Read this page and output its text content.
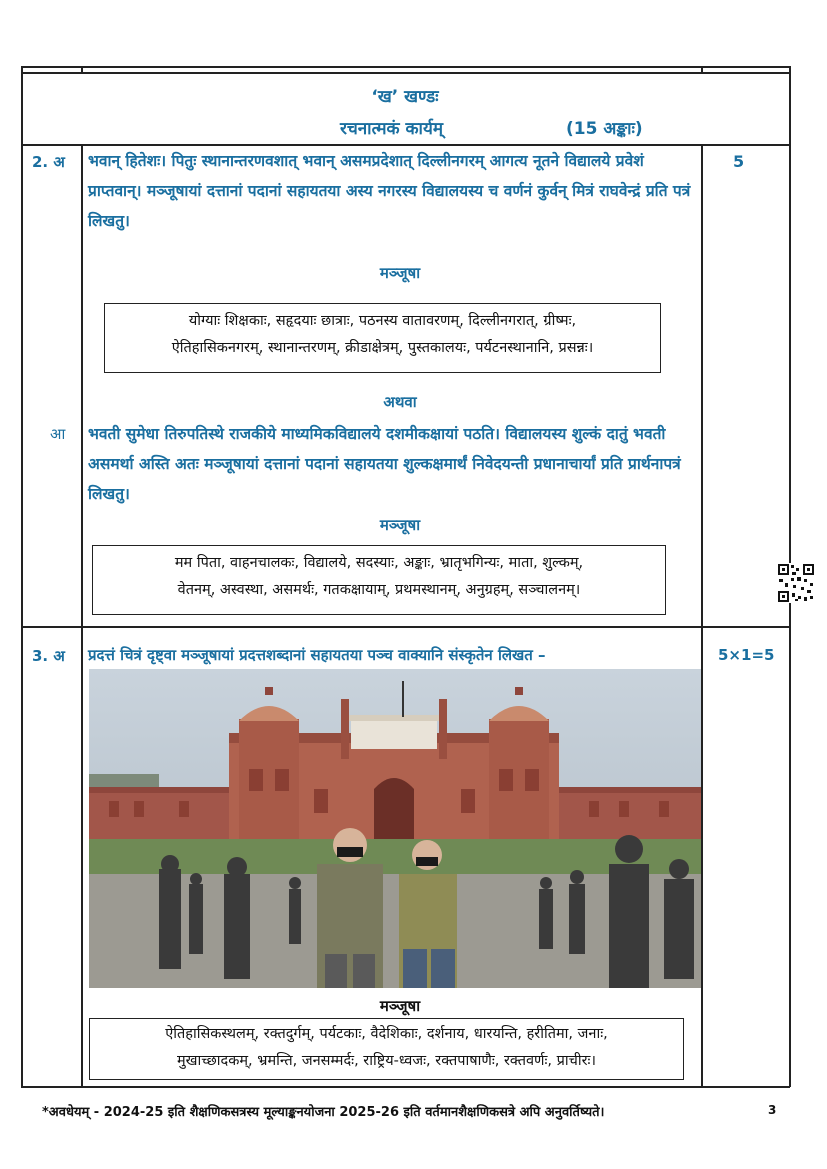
‘ख’ खण्डः
रचनात्मकं कार्यम्	(15 अङ्काः)
2. अ भवान् हितेशः। पितुः स्थानान्तरणवशात् भवान् असमप्रदेशात् दिल्लीनगरम् आगत्य नूतने विद्यालये प्रवेशं प्राप्तवान्। मञ्जूषायां दत्तानां पदानां सहायतया अस्य नगरस्य विद्यालयस्य च वर्णनं कुर्वन् मित्रं राघवेन्द्रं प्रति पत्रं लिखतु।
5
मञ्जूषा
योग्याः शिक्षकाः, सहृदयाः छात्राः, पठनस्य वातावरणम्, दिल्लीनगरात्, ग्रीष्मः,
ऐतिहासिकनगरम्, स्थानान्तरणम्, क्रीडाक्षेत्रम्, पुस्तकालयः, पर्यटनस्थानानि, प्रसन्नः।
अथवा
आ भवती सुमेधा तिरुपतिस्थे राजकीये माध्यमिकविद्यालये दशमीकक्षायां पठति। विद्यालयस्य शुल्कं दातुं भवती असमर्था अस्ति अतः मञ्जूषायां दत्तानां पदानां सहायतया शुल्कक्षमार्थं निवेदयन्ती प्रधानाचार्यां प्रति प्रार्थनापत्रं लिखतु।
मञ्जूषा
मम पिता, वाहनचालकः, विद्यालये, सदस्याः, अङ्काः, भ्रातृभगिन्यः, माता, शुल्कम्,
वेतनम्, अस्वस्था, असमर्थः, गतकक्षायाम्, प्रथमस्थानम्, अनुग्रहम्, सञ्चालनम्।
3. अ प्रदत्तं चित्रं दृष्ट्वा मञ्जूषायां प्रदत्तशब्दानां सहायतया पञ्च वाक्यानि संस्कृतेन लिखत –	5×1=5
मञ्जूषा
ऐतिहासिकस्थलम्, रक्तदुर्गम्, पर्यटकाः, वैदेशिकाः, दर्शनाय, धारयन्ति, हरीतिमा, जनाः,
मुखाच्छादकम्, भ्रमन्ति, जनसम्मर्दः, राष्ट्रिय-ध्वजः, रक्तपाषाणैः, रक्तवर्णः, प्राचीरः।
*अवधेयम् - 2024-25 इति शैक्षणिकसत्रस्य मूल्याङ्कनयोजना 2025-26 इति वर्तमानशैक्षणिकसत्रे अपि अनुवर्तिष्यते।	3
